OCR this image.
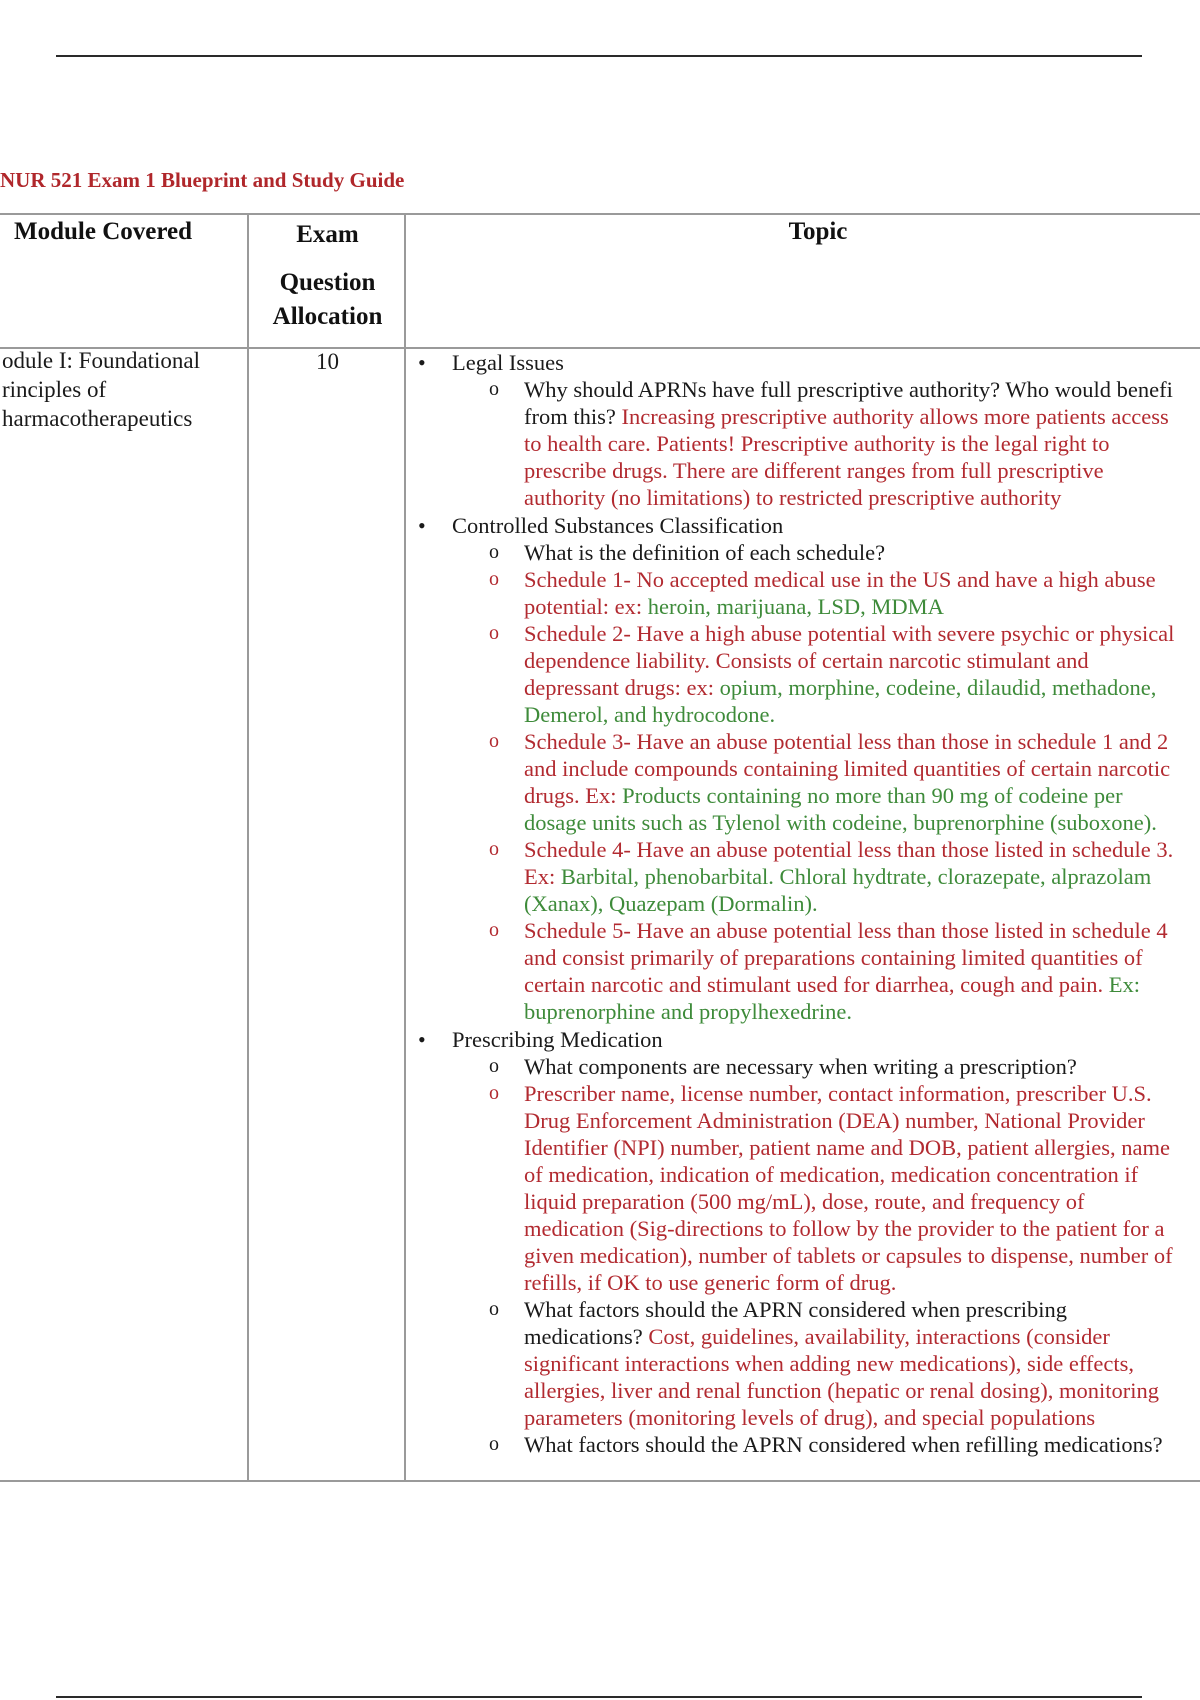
NUR 521 Exam 1 Blueprint and Study Guide
Module Covered	Exam
Question
Allocation
Topic
odule I: Foundational
rinciples of
harmacotherapeutics
10	• Legal Issues
o Why should APRNs have full prescriptive authority? Who would benefi
from this? Increasing prescriptive authority allows more patients access
to health care. Patients! Prescriptive authority is the legal right to
prescribe drugs. There are different ranges from full prescriptive
authority (no limitations) to restricted prescriptive authority
• Controlled Substances Classification
o What is the definition of each schedule?
o Schedule 1- No accepted medical use in the US and have a high abuse
potential: ex: heroin, marijuana, LSD, MDMA
o Schedule 2- Have a high abuse potential with severe psychic or physical
dependence liability. Consists of certain narcotic stimulant and
depressant drugs: ex: opium, morphine, codeine, dilaudid, methadone,
Demerol, and hydrocodone.
o Schedule 3- Have an abuse potential less than those in schedule 1 and 2
and include compounds containing limited quantities of certain narcotic
drugs. Ex: Products containing no more than 90 mg of codeine per
dosage units such as Tylenol with codeine, buprenorphine (suboxone).
o Schedule 4- Have an abuse potential less than those listed in schedule 3.
Ex: Barbital, phenobarbital. Chloral hydtrate, clorazepate, alprazolam
(Xanax), Quazepam (Dormalin).
o Schedule 5- Have an abuse potential less than those listed in schedule 4
and consist primarily of preparations containing limited quantities of
certain narcotic and stimulant used for diarrhea, cough and pain. Ex:
buprenorphine and propylhexedrine.
• Prescribing Medication
o What components are necessary when writing a prescription?
o Prescriber name, license number, contact information, prescriber U.S.
Drug Enforcement Administration (DEA) number, National Provider
Identifier (NPI) number, patient name and DOB, patient allergies, name
of medication, indication of medication, medication concentration if
liquid preparation (500 mg/mL), dose, route, and frequency of
medication (Sig-directions to follow by the provider to the patient for a
given medication), number of tablets or capsules to dispense, number of
refills, if OK to use generic form of drug.
o What factors should the APRN considered when prescribing
medications? Cost, guidelines, availability, interactions (consider
significant interactions when adding new medications), side effects,
allergies, liver and renal function (hepatic or renal dosing), monitoring
parameters (monitoring levels of drug), and special populations
o What factors should the APRN considered when refilling medications?
